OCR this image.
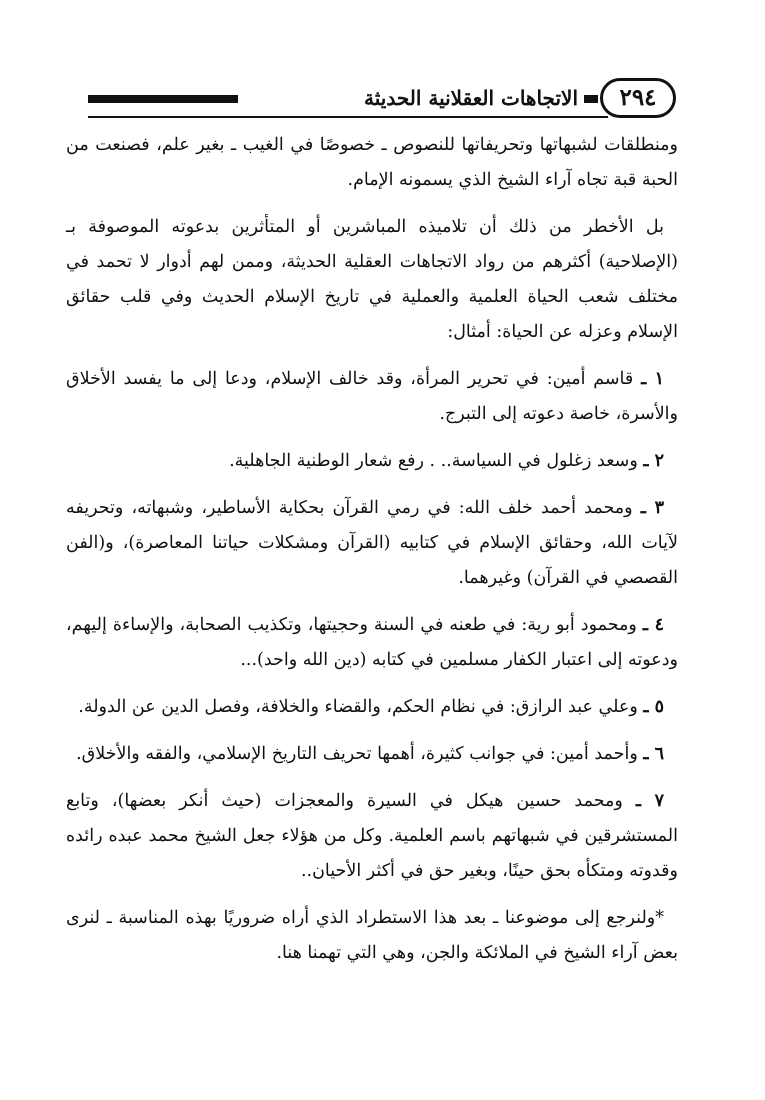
٢٩٤
الاتجاهات العقلانية الحديثة

ومنطلقات لشبهاتها وتحريفاتها للنصوص ـ خصوصًا في الغيب ـ بغير علم، فصنعت من الحبة قبة تجاه آراء الشيخ الذي يسمونه الإمام.

بل الأخطر من ذلك أن تلاميذه المباشرين أو المتأثرين بدعوته الموصوفة بـ (الإصلاحية) أكثرهم من رواد الاتجاهات العقلية الحديثة، وممن لهم أدوار لا تحمد في مختلف شعب الحياة العلمية والعملية في تاريخ الإسلام الحديث وفي قلب حقائق الإسلام وعزله عن الحياة: أمثال:

١ ـ قاسم أمين: في تحرير المرأة، وقد خالف الإسلام، ودعا إلى ما يفسد الأخلاق والأسرة، خاصة دعوته إلى التبرج.

٢ ـ وسعد زغلول في السياسة.. . رفع شعار الوطنية الجاهلية.

٣ ـ ومحمد أحمد خلف الله: في رمي القرآن بحكاية الأساطير، وشبهاته، وتحريفه لآيات الله، وحقائق الإسلام في كتابيه (القرآن ومشكلات حياتنا المعاصرة)، و(الفن القصصي في القرآن) وغيرهما.

٤ ـ ومحمود أبو رية: في طعنه في السنة وحجيتها، وتكذيب الصحابة، والإساءة إليهم، ودعوته إلى اعتبار الكفار مسلمين في كتابه (دين الله واحد)...

٥ ـ وعلي عبد الرازق: في نظام الحكم، والقضاء والخلافة، وفصل الدين عن الدولة.

٦ ـ وأحمد أمين: في جوانب كثيرة، أهمها تحريف التاريخ الإسلامي، والفقه والأخلاق.

٧ ـ ومحمد حسين هيكل في السيرة والمعجزات (حيث أنكر بعضها)، وتابع المستشرقين في شبهاتهم باسم العلمية. وكل من هؤلاء جعل الشيخ محمد عبده رائده وقدوته ومتكأه بحق حينًا، وبغير حق في أكثر الأحيان..

*ولنرجع إلى موضوعنا ـ بعد هذا الاستطراد الذي أراه ضروريًا بهذه المناسبة ـ لنرى بعض آراء الشيخ في الملائكة والجن، وهي التي تهمنا هنا.
